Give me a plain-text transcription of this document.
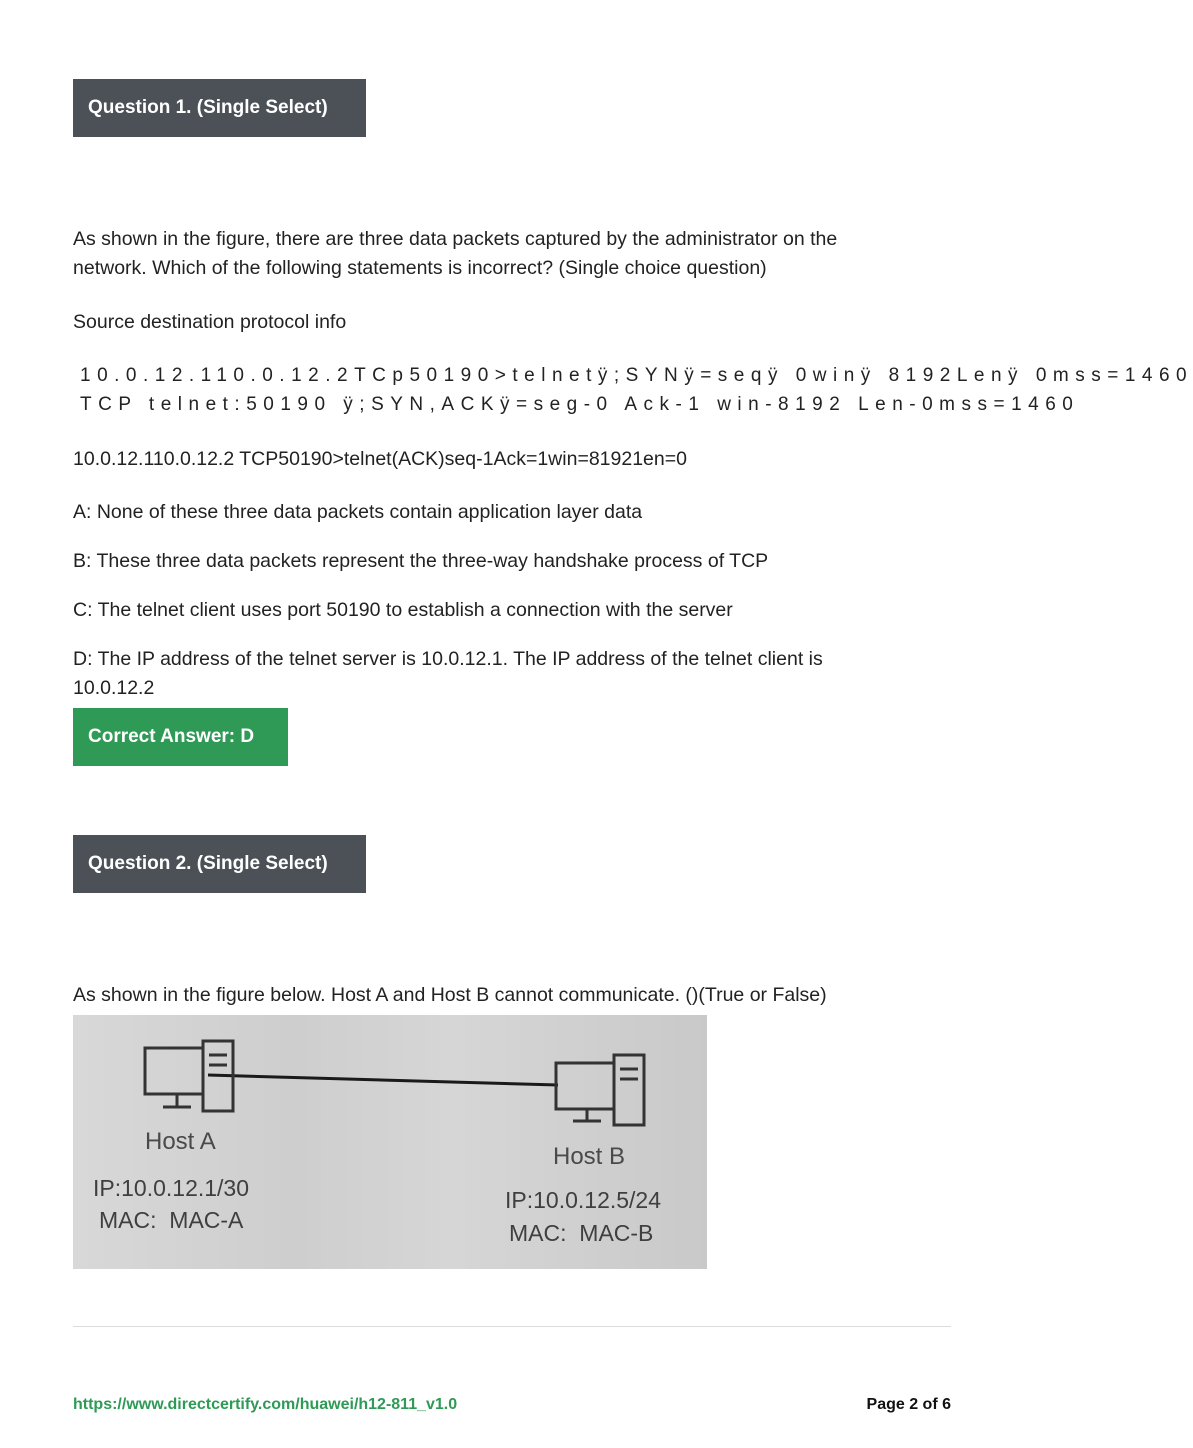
Question 1. (Single Select)
As shown in the figure, there are three data packets captured by the administrator on the network. Which of the following statements is incorrect? (Single choice question)
Source destination protocol info
10.0.12.110.0.12.2TCp50190>telnetÿ;SYNÿ=seqÿ 0winÿ 8192Lenÿ 0mss=1460
TCP telnet:50190 ÿ;SYN,ACKÿ=seg-0 Ack-1 win-8192 Len-0mss=1460
10.0.12.110.0.12.2 TCP50190>telnet(ACK)seq-1Ack=1win=81921en=0
A: None of these three data packets contain application layer data
B: These three data packets represent the three-way handshake process of TCP
C: The telnet client uses port 50190 to establish a connection with the server
D: The IP address of the telnet server is 10.0.12.1. The IP address of the telnet client is 10.0.12.2
Correct Answer: D
Question 2. (Single Select)
As shown in the figure below. Host A and Host B cannot communicate. ()(True or False)
Host A
IP:10.0.12.1/30
MAC:  MAC-A
Host B
IP:10.0.12.5/24
MAC:  MAC-B
https://www.directcertify.com/huawei/h12-811_v1.0	Page 2 of 6
